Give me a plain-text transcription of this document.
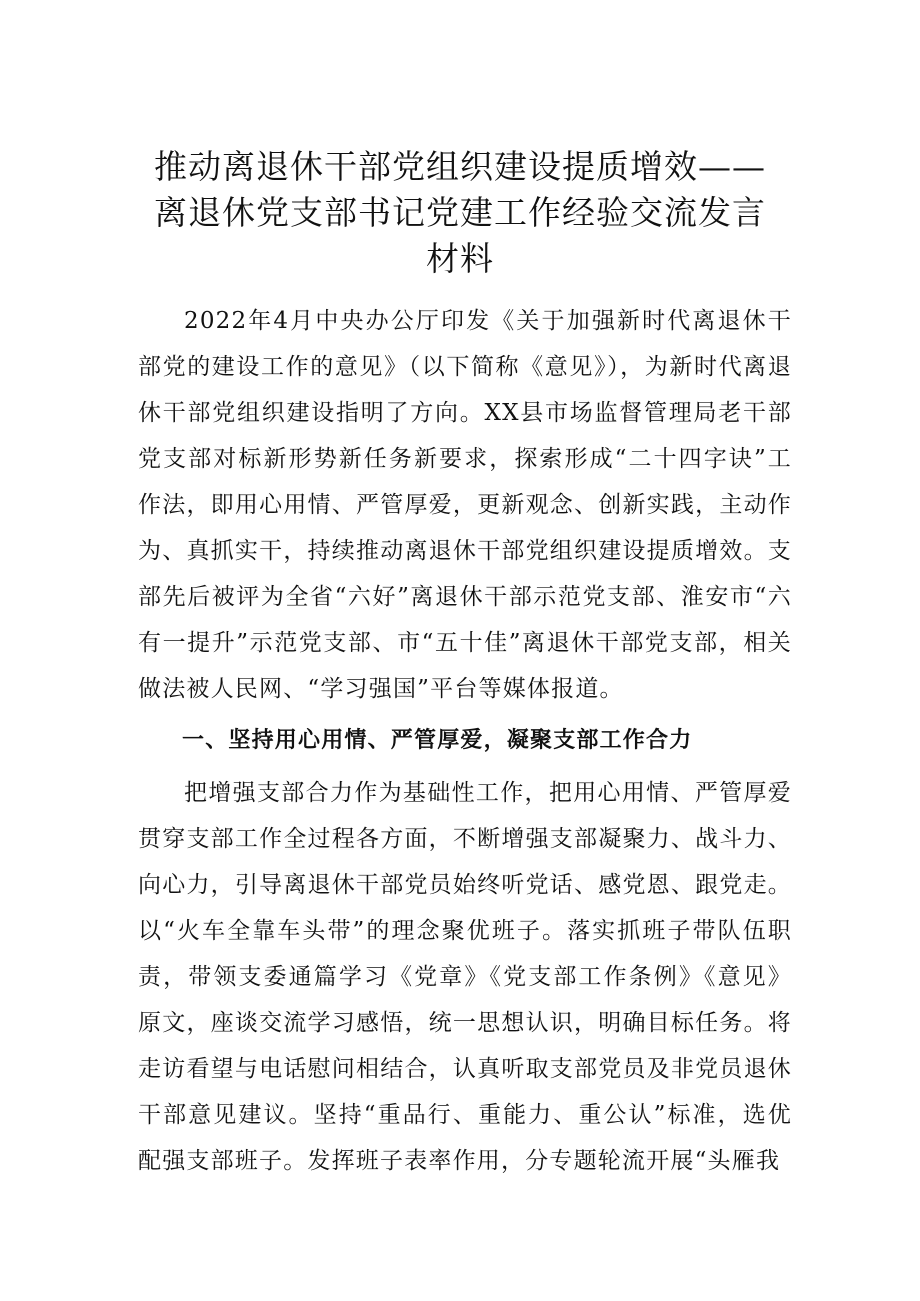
推动离退休干部党组织建设提质增效——
离退休党支部书记党建工作经验交流发言
材料

2022年4月中央办公厅印发《关于加强新时代离退休干部党的建设工作的意见》（以下简称《意见》），为新时代离退休干部党组织建设指明了方向。XX县市场监督管理局老干部党支部对标新形势新任务新要求，探索形成“二十四字诀”工作法，即用心用情、严管厚爱，更新观念、创新实践，主动作为、真抓实干，持续推动离退休干部党组织建设提质增效。支部先后被评为全省“六好”离退休干部示范党支部、淮安市“六有一提升”示范党支部、市“五十佳”离退休干部党支部，相关做法被人民网、“学习强国”平台等媒体报道。

一、坚持用心用情、严管厚爱，凝聚支部工作合力

把增强支部合力作为基础性工作，把用心用情、严管厚爱贯穿支部工作全过程各方面，不断增强支部凝聚力、战斗力、向心力，引导离退休干部党员始终听党话、感党恩、跟党走。以“火车全靠车头带”的理念聚优班子。落实抓班子带队伍职责，带领支委通篇学习《党章》《党支部工作条例》《意见》原文，座谈交流学习感悟，统一思想认识，明确目标任务。将走访看望与电话慰问相结合，认真听取支部党员及非党员退休干部意见建议。坚持“重品行、重能力、重公认”标准，选优配强支部班子。发挥班子表率作用，分专题轮流开展“头雁我
